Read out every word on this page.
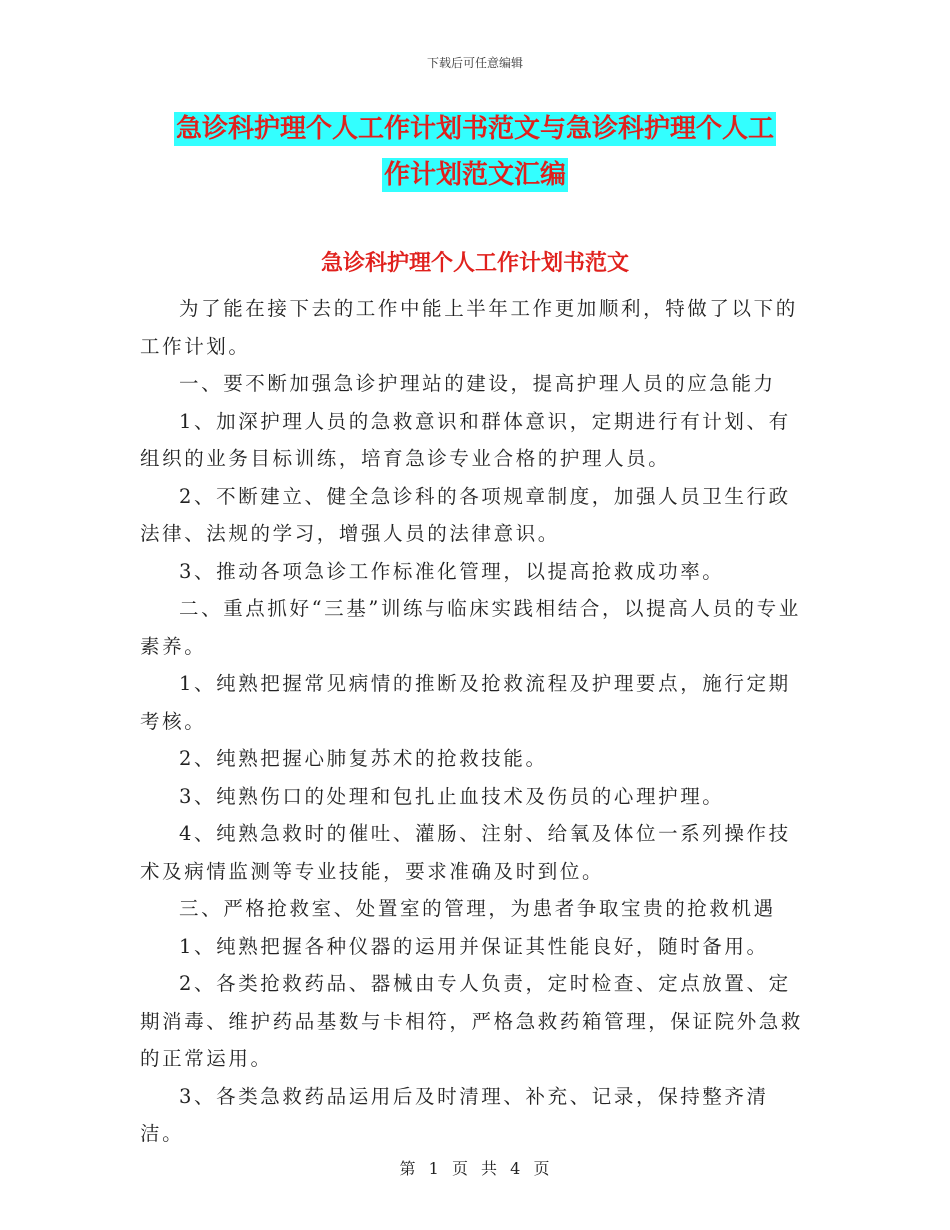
下载后可任意编辑
急诊科护理个人工作计划书范文与急诊科护理个人工
作计划范文汇编
急诊科护理个人工作计划书范文

为了能在接下去的工作中能上半年工作更加顺利，特做了以下的工作计划。

一、要不断加强急诊护理站的建设，提高护理人员的应急能力

1、加深护理人员的急救意识和群体意识，定期进行有计划、有组织的业务目标训练，培育急诊专业合格的护理人员。

2、不断建立、健全急诊科的各项规章制度，加强人员卫生行政法律、法规的学习，增强人员的法律意识。

3、推动各项急诊工作标准化管理，以提高抢救成功率。

二、重点抓好“三基”训练与临床实践相结合，以提高人员的专业素养。

1、纯熟把握常见病情的推断及抢救流程及护理要点，施行定期考核。

2、纯熟把握心肺复苏术的抢救技能。

3、纯熟伤口的处理和包扎止血技术及伤员的心理护理。

4、纯熟急救时的催吐、灌肠、注射、给氧及体位一系列操作技术及病情监测等专业技能，要求准确及时到位。

三、严格抢救室、处置室的管理，为患者争取宝贵的抢救机遇

1、纯熟把握各种仪器的运用并保证其性能良好，随时备用。

2、各类抢救药品、器械由专人负责，定时检查、定点放置、定期消毒、维护药品基数与卡相符，严格急救药箱管理，保证院外急救的正常运用。

3、各类急救药品运用后及时清理、补充、记录，保持整齐清洁。

第 1 页 共 4 页
